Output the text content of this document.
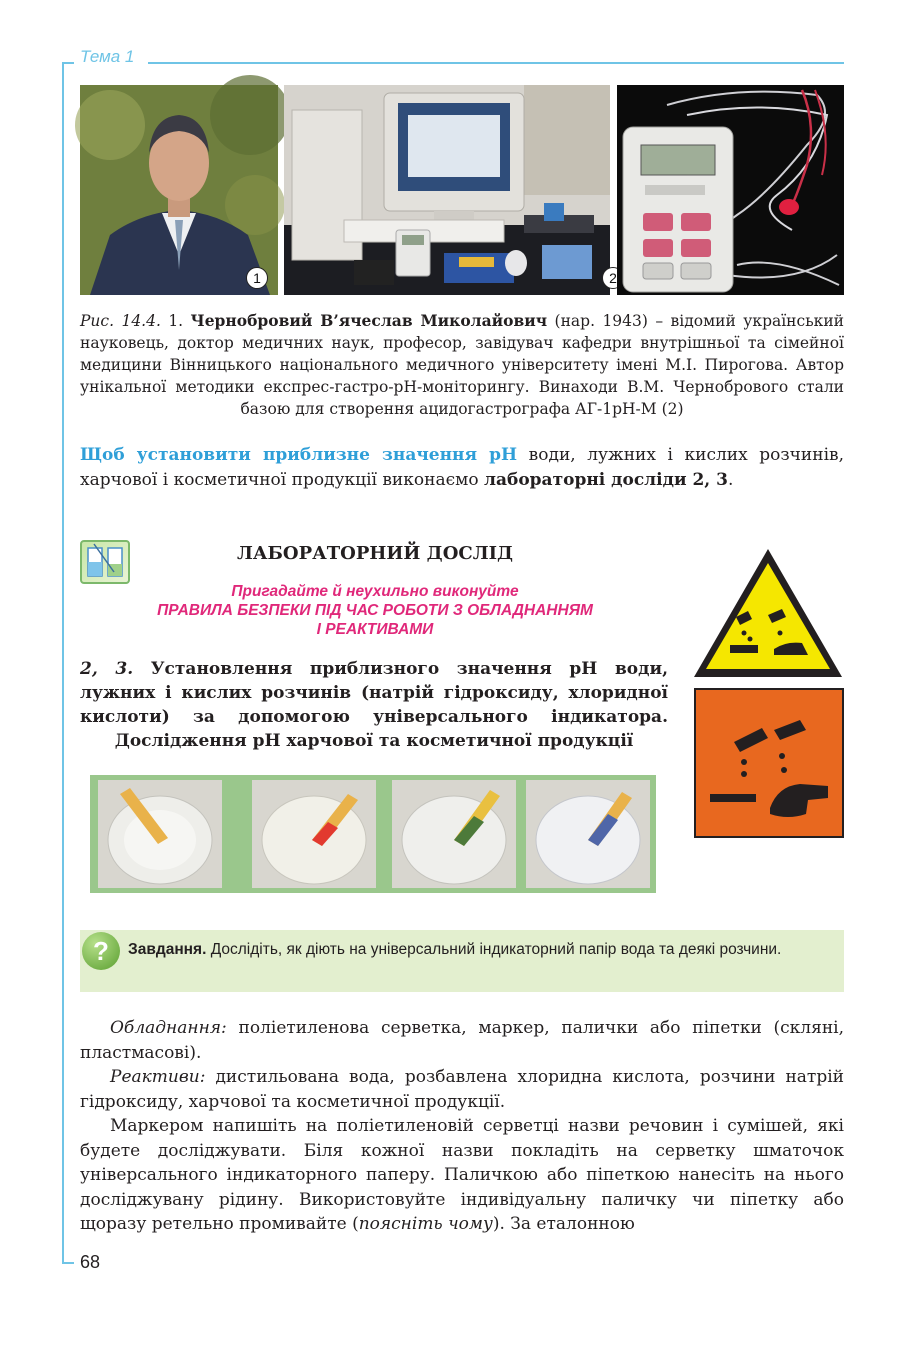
Тема 1
1	2
Рис. 14.4. 1. Чернобровий В’ячеслав Миколайович (нар. 1943) – відомий український науковець, доктор медичних наук, професор, завідувач кафедри внутрішньої та сімейної медицини Вінницького національного медичного університету імені М.І. Пирогова. Автор унікальної методики експрес-гастро-рН-моніторингу. Винаходи В.М. Чернобрового стали базою для створення ацидогастрографа АГ-1рН-М (2)
Щоб установити приблизне значення рН води, лужних і кислих розчинів, харчової і косметичної продукції виконаємо лабораторні досліди 2, 3.
ЛАБОРАТОРНИЙ ДОСЛІД
Пригадайте й неухильно виконуйте
ПРАВИЛА БЕЗПЕКИ ПІД ЧАС РОБОТИ З ОБЛАДНАННЯМ
І РЕАКТИВАМИ
2, 3. Установлення приблизного значення рН води, лужних і кислих розчинів (натрій гідроксиду, хлоридної кислоти) за допомогою універсального індикатора. Дослідження рН харчової та косметичної продукції
?	Завдання. Дослідіть, як діють на універсальний індикаторний папір вода та деякі розчини.
Обладнання: поліетиленова серветка, маркер, палички або піпетки (скляні, пластмасові).
Реактиви: дистильована вода, розбавлена хлоридна кислота, розчини натрій гідроксиду, харчової та косметичної продукції.
Маркером напишіть на поліетиленовій серветці назви речовин і сумішей, які будете досліджувати. Біля кожної назви покладіть на серветку шматочок універсального індикаторного паперу. Паличкою або піпеткою нанесіть на нього досліджувану рідину. Використовуйте індивідуальну паличку чи піпетку або щоразу ретельно промивайте (поясніть чому). За еталонною
68
